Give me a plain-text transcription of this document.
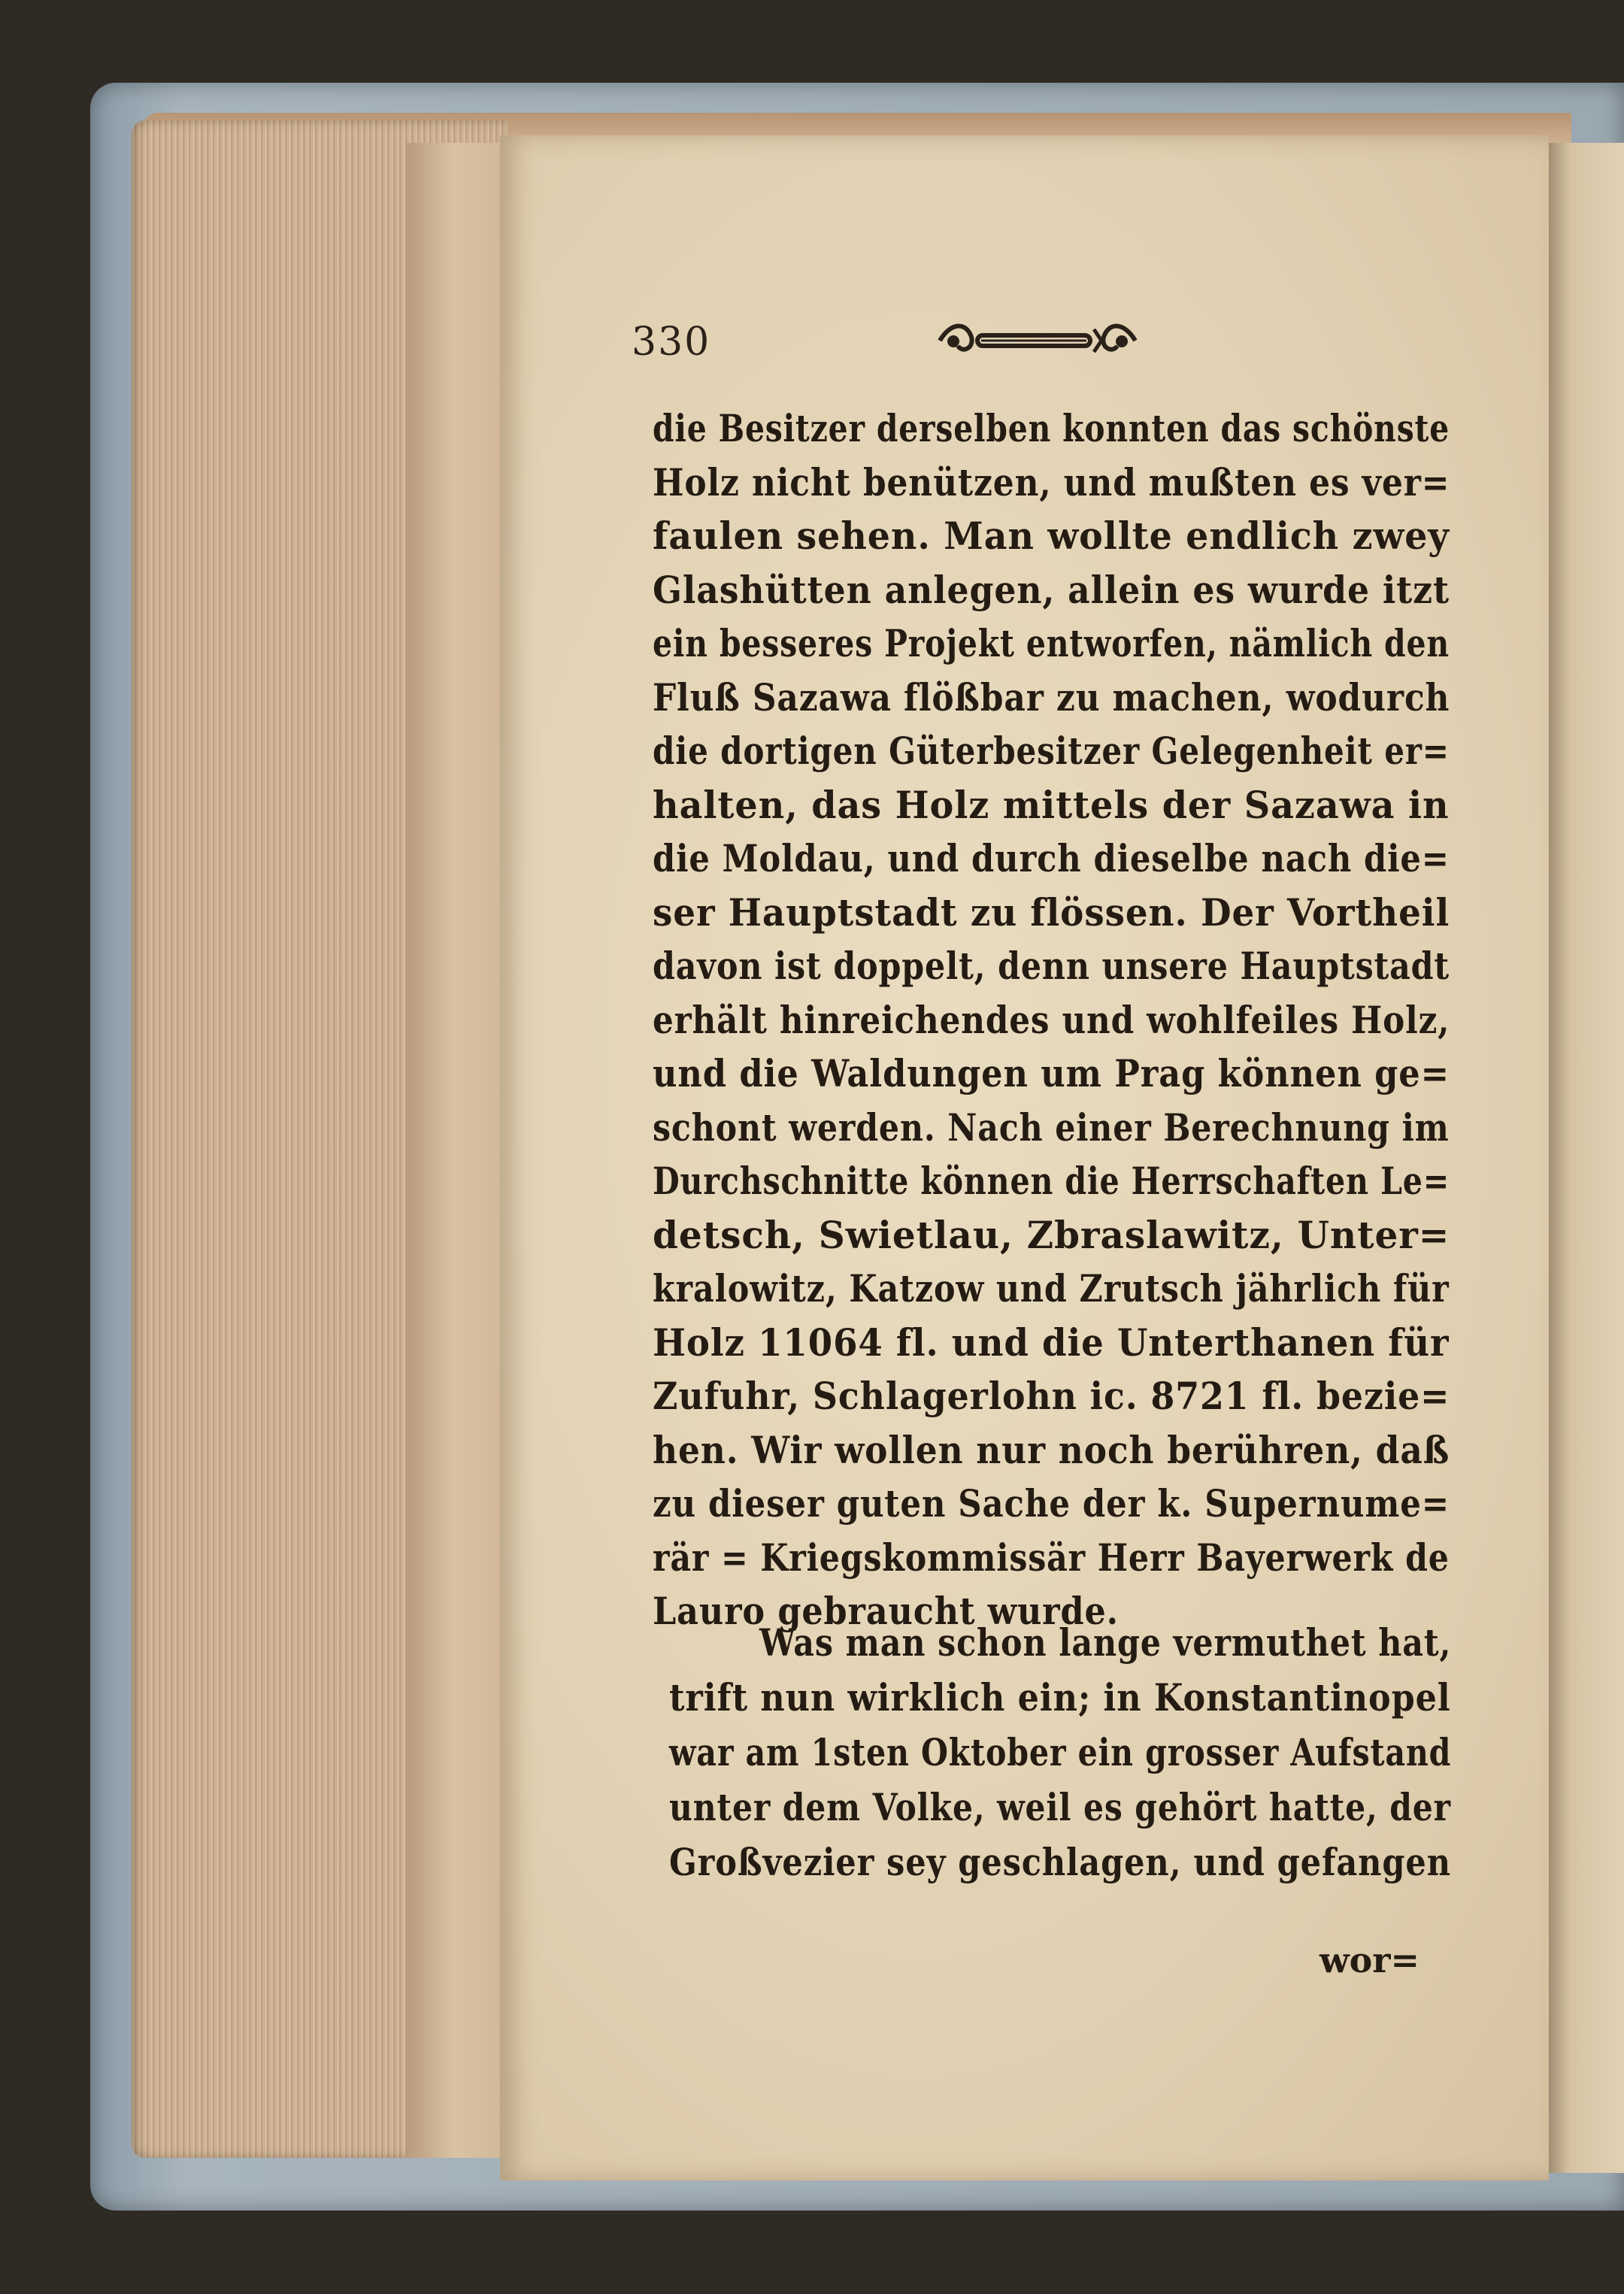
330
die Besitzer derselben konnten das schönste
Holz nicht benützen, und mußten es ver=
faulen sehen. Man wollte endlich zwey
Glashütten anlegen, allein es wurde itzt
ein besseres Projekt entworfen, nämlich den
Fluß Sazawa flößbar zu machen, wodurch
die dortigen Güterbesitzer Gelegenheit er=
halten, das Holz mittels der Sazawa in
die Moldau, und durch dieselbe nach die=
ser Hauptstadt zu flössen. Der Vortheil
davon ist doppelt, denn unsere Hauptstadt
erhält hinreichendes und wohlfeiles Holz,
und die Waldungen um Prag können ge=
schont werden. Nach einer Berechnung im
Durchschnitte können die Herrschaften Le=
detsch, Swietlau, Zbraslawitz, Unter=
kralowitz, Katzow und Zrutsch jährlich für
Holz 11064 fl. und die Unterthanen für
Zufuhr, Schlagerlohn ic. 8721 fl. bezie=
hen. Wir wollen nur noch berühren, daß
zu dieser guten Sache der k. Supernume=
rär = Kriegskommissär Herr Bayerwerk de
Lauro gebraucht wurde.
Was man schon lange vermuthet hat,
trift nun wirklich ein; in Konstantinopel
war am 1sten Oktober ein grosser Aufstand
unter dem Volke, weil es gehört hatte, der
Großvezier sey geschlagen, und gefangen
wor=
